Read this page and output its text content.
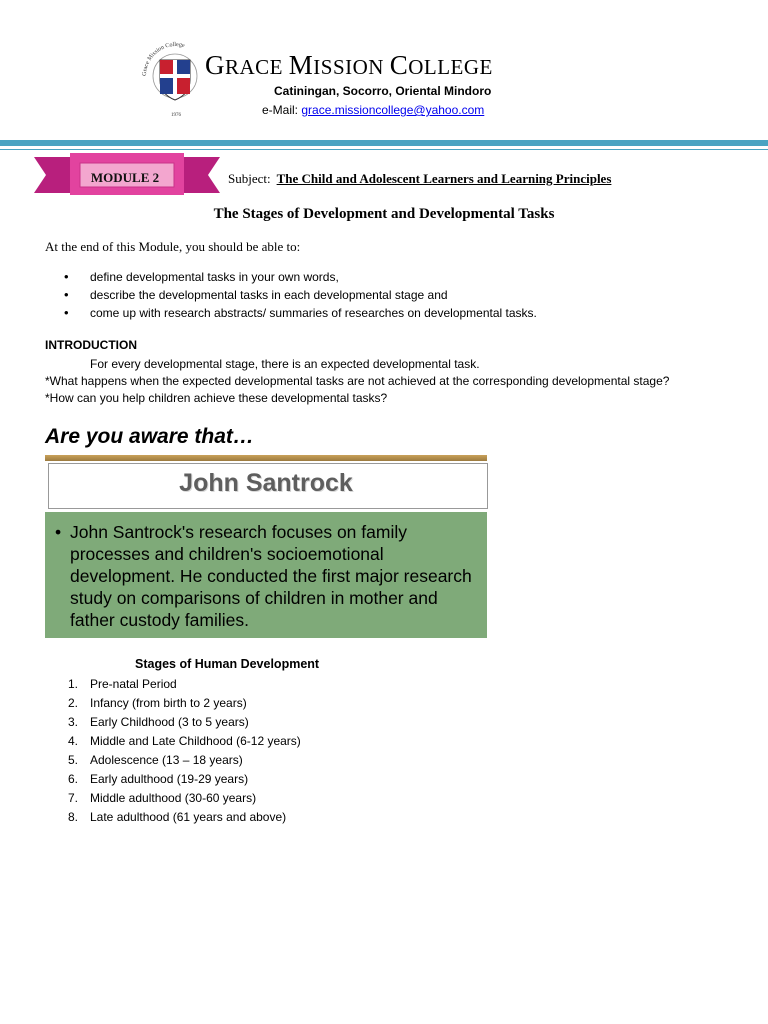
Grace Mission College
1976
GRACE MISSION COLLEGE
Catiningan, Socorro, Oriental Mindoro
e-Mail: grace.missioncollege@yahoo.com
MODULE 2	Subject: The Child and Adolescent Learners and Learning Principles
The Stages of Development and Developmental Tasks
At the end of this Module, you should be able to:
• define developmental tasks in your own words,
• describe the developmental tasks in each developmental stage and
• come up with research abstracts/ summaries of researches on developmental tasks.
INTRODUCTION
For every developmental stage, there is an expected developmental task.
*What happens when the expected developmental tasks are not achieved at the corresponding developmental stage?
*How can you help children achieve these developmental tasks?
Are you aware that…
John Santrock
• John Santrock's research focuses on family processes and children's socioemotional development. He conducted the first major research study on comparisons of children in mother and father custody families.
Stages of Human Development
1. Pre-natal Period
2. Infancy (from birth to 2 years)
3. Early Childhood (3 to 5 years)
4. Middle and Late Childhood (6-12 years)
5. Adolescence (13 – 18 years)
6. Early adulthood (19-29 years)
7. Middle adulthood (30-60 years)
8. Late adulthood (61 years and above)
